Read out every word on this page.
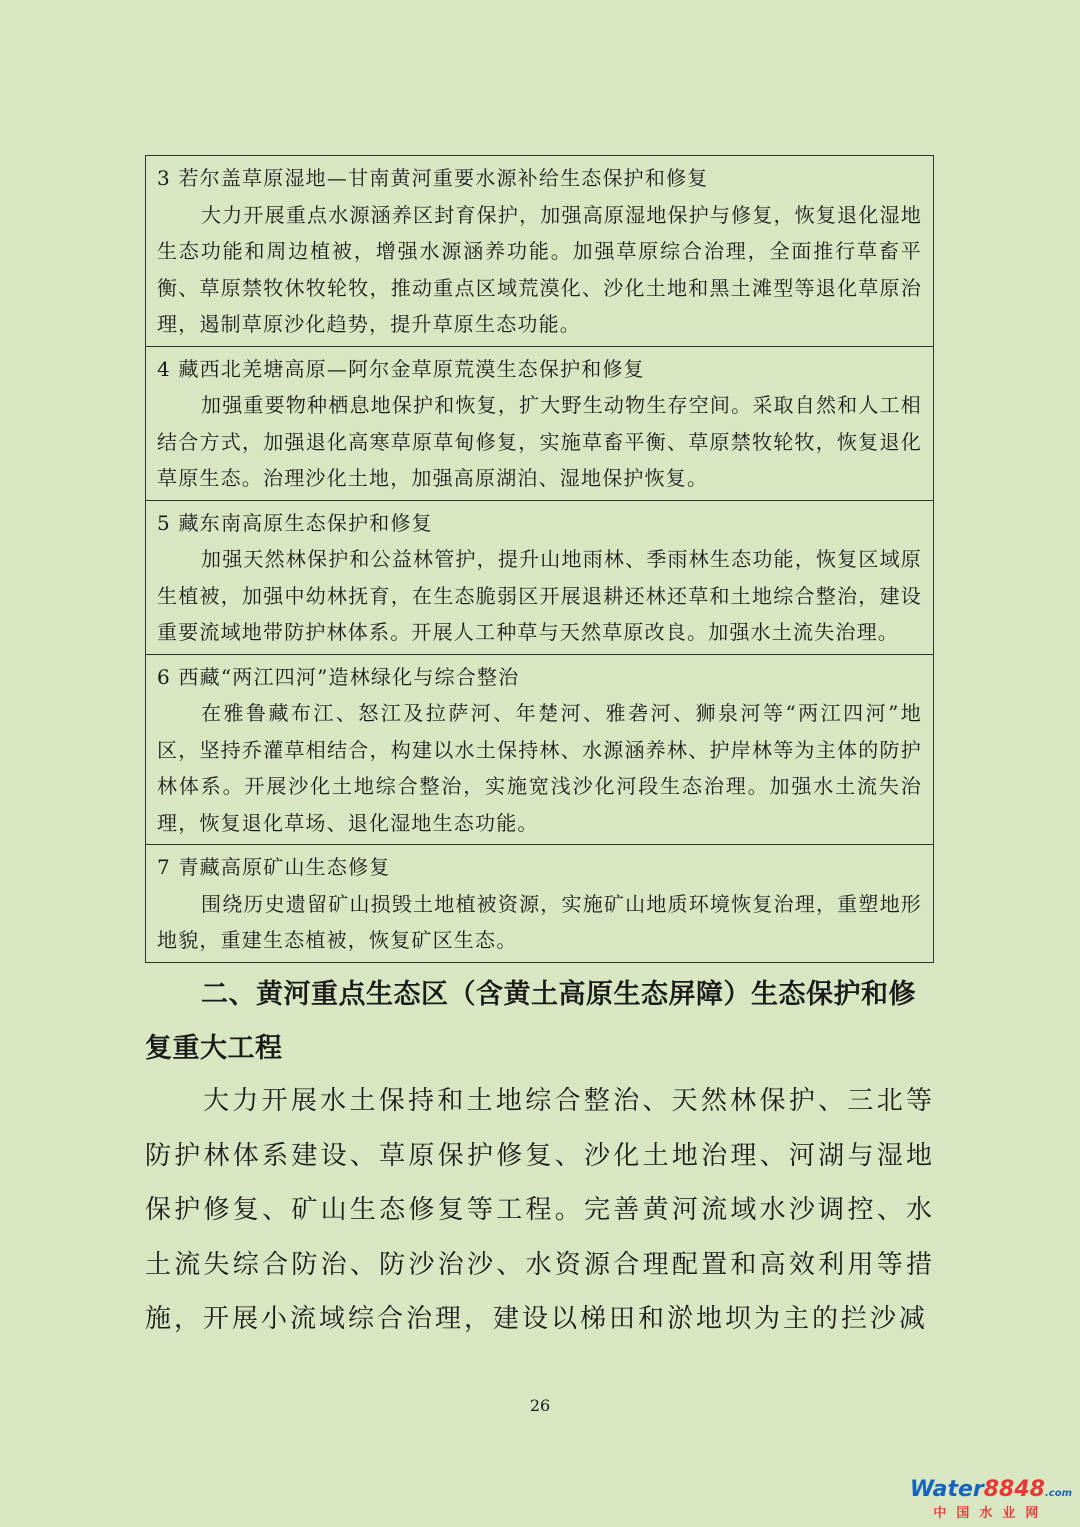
3 若尔盖草原湿地—甘南黄河重要水源补给生态保护和修复
大力开展重点水源涵养区封育保护，加强高原湿地保护与修复，恢复退化湿地生态功能和周边植被，增强水源涵养功能。加强草原综合治理，全面推行草畜平衡、草原禁牧休牧轮牧，推动重点区域荒漠化、沙化土地和黑土滩型等退化草原治理，遏制草原沙化趋势，提升草原生态功能。
4 藏西北羌塘高原—阿尔金草原荒漠生态保护和修复
加强重要物种栖息地保护和恢复，扩大野生动物生存空间。采取自然和人工相结合方式，加强退化高寒草原草甸修复，实施草畜平衡、草原禁牧轮牧，恢复退化草原生态。治理沙化土地，加强高原湖泊、湿地保护恢复。
5 藏东南高原生态保护和修复
加强天然林保护和公益林管护，提升山地雨林、季雨林生态功能，恢复区域原生植被，加强中幼林抚育，在生态脆弱区开展退耕还林还草和土地综合整治，建设重要流域地带防护林体系。开展人工种草与天然草原改良。加强水土流失治理。
6 西藏“两江四河”造林绿化与综合整治
在雅鲁藏布江、怒江及拉萨河、年楚河、雅砻河、狮泉河等“两江四河”地区，坚持乔灌草相结合，构建以水土保持林、水源涵养林、护岸林等为主体的防护林体系。开展沙化土地综合整治，实施宽浅沙化河段生态治理。加强水土流失治理，恢复退化草场、退化湿地生态功能。
7 青藏高原矿山生态修复
围绕历史遗留矿山损毁土地植被资源，实施矿山地质环境恢复治理，重塑地形地貌，重建生态植被，恢复矿区生态。
二、黄河重点生态区（含黄土高原生态屏障）生态保护和修复重大工程
大力开展水土保持和土地综合整治、天然林保护、三北等防护林体系建设、草原保护修复、沙化土地治理、河湖与湿地保护修复、矿山生态修复等工程。完善黄河流域水沙调控、水土流失综合防治、防沙治沙、水资源合理配置和高效利用等措施，开展小流域综合治理，建设以梯田和淤地坝为主的拦沙减
26
Water8848.com
中国水业网
